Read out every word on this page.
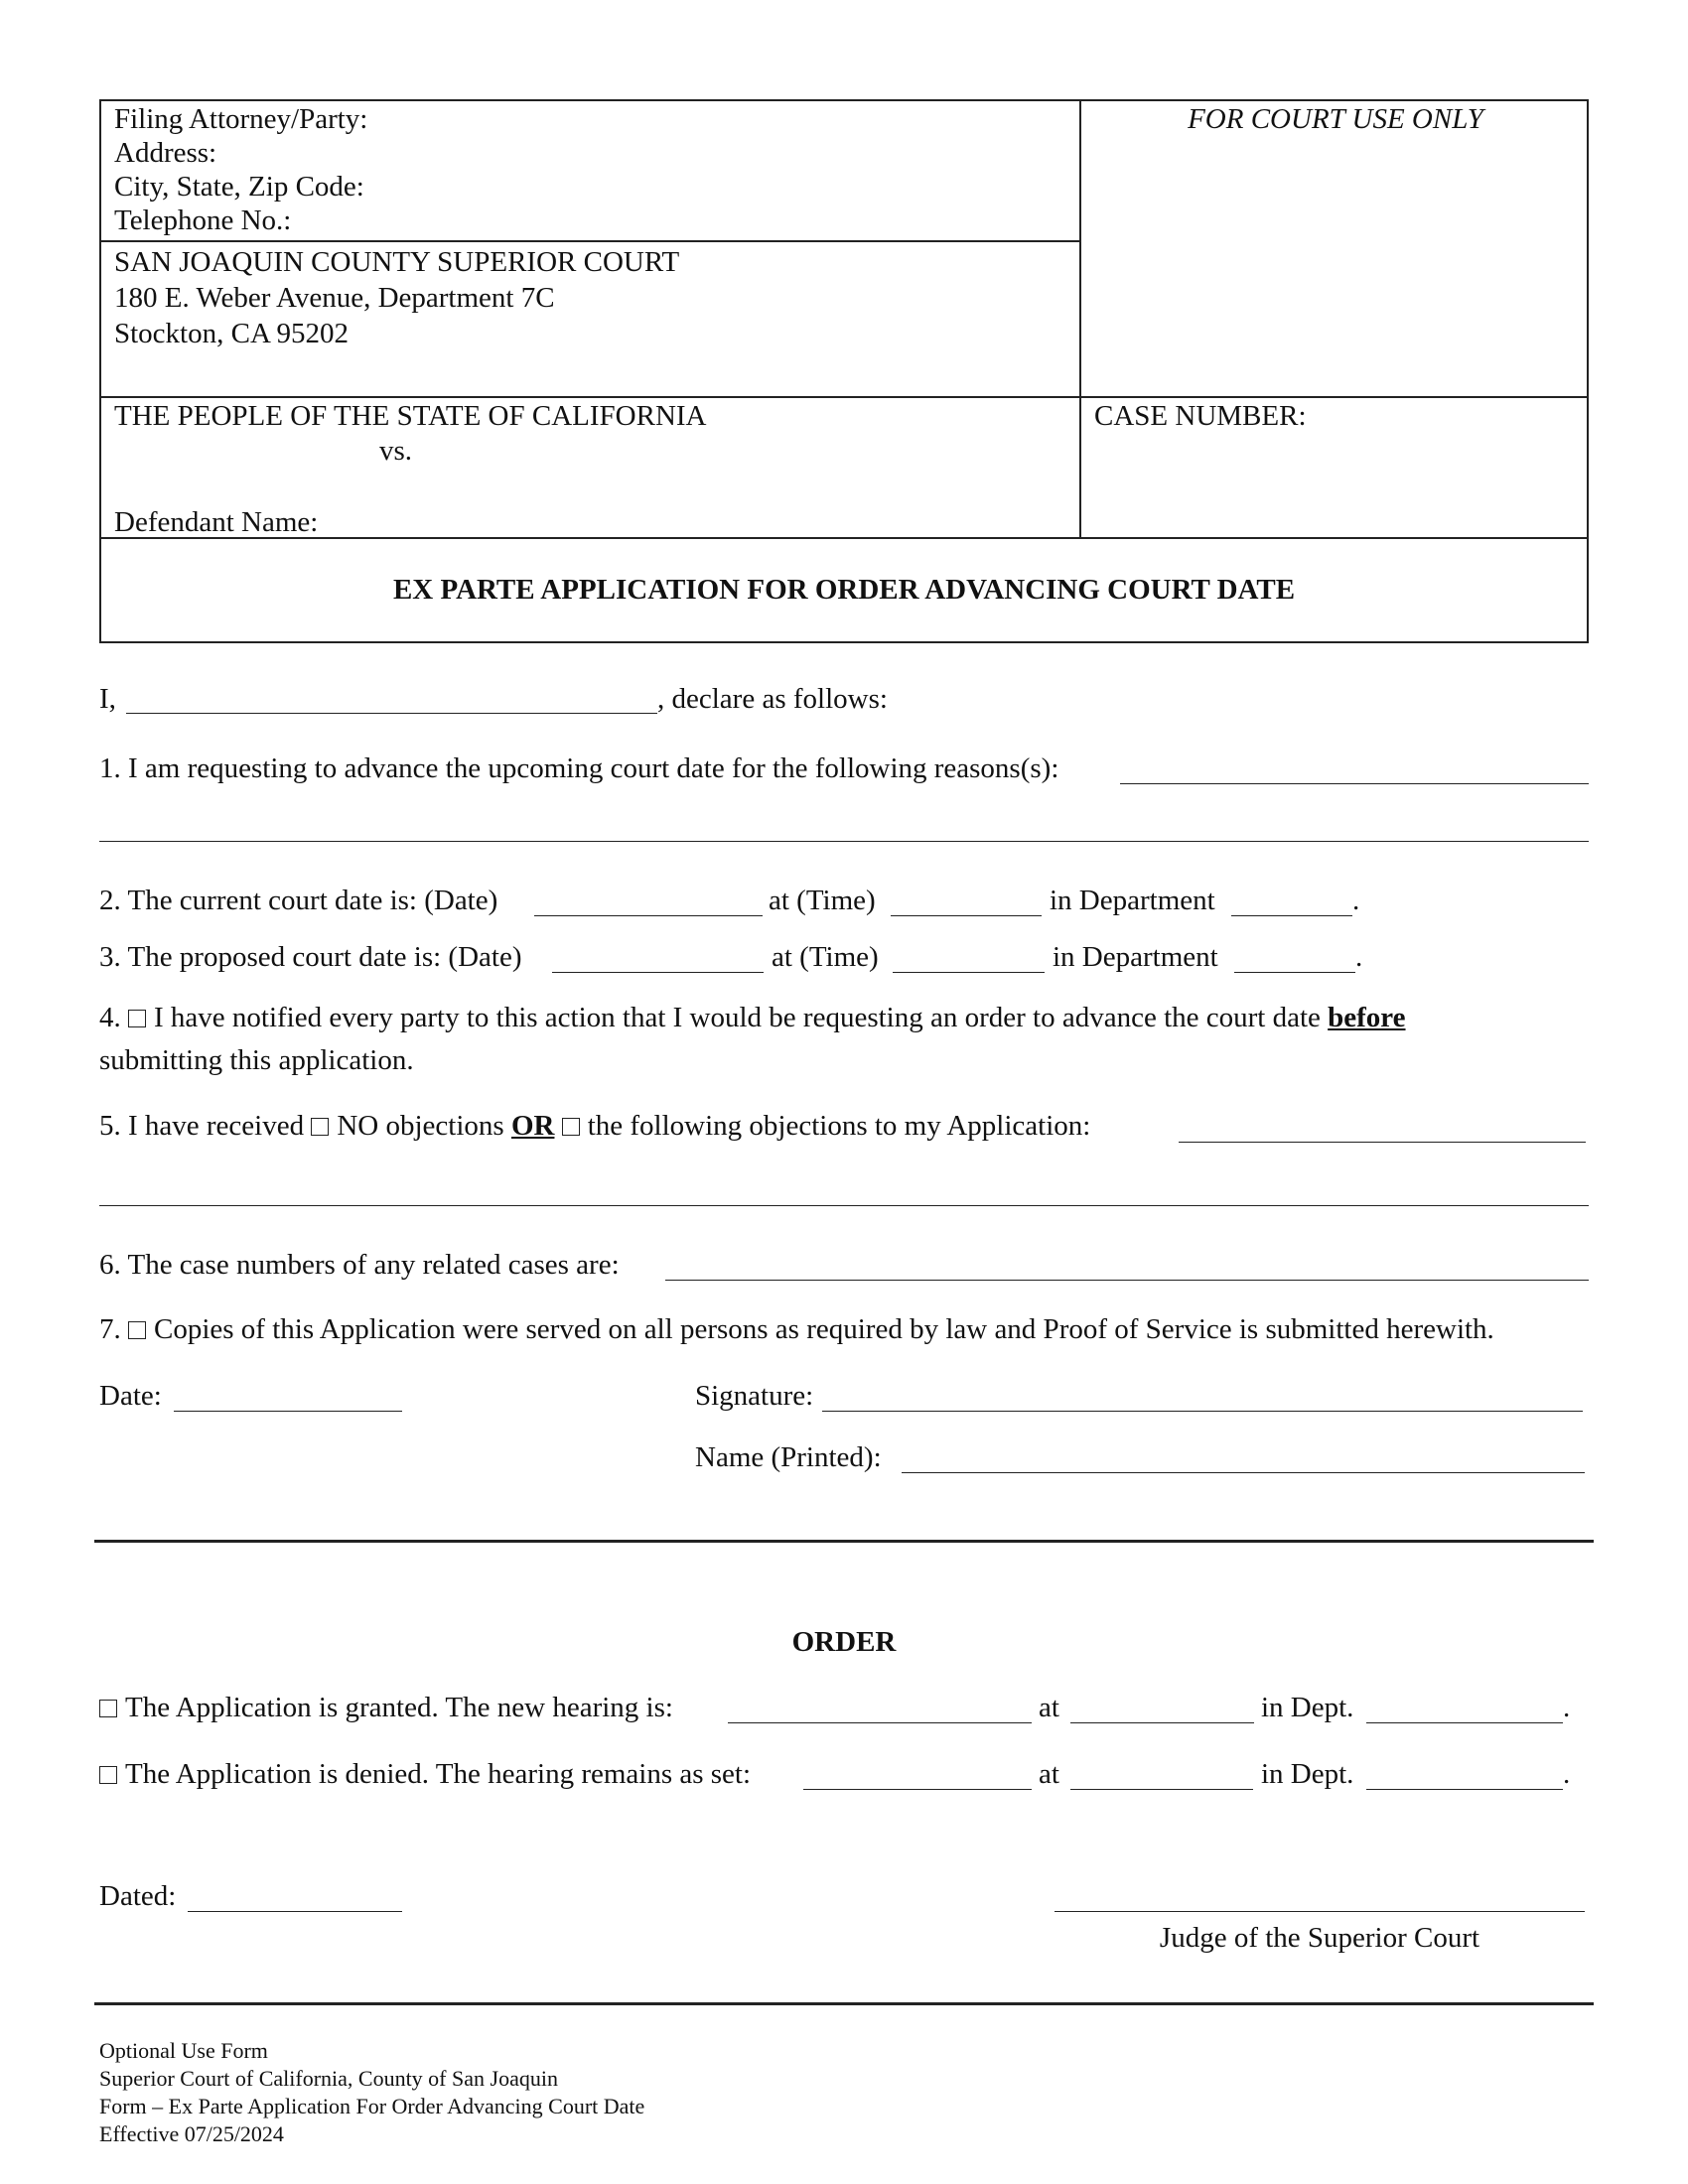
Filing Attorney/Party:
Address:
City, State, Zip Code:
Telephone No.:
SAN JOAQUIN COUNTY SUPERIOR COURT
180 E. Weber Avenue, Department 7C
Stockton, CA 95202
FOR COURT USE ONLY
THE PEOPLE OF THE STATE OF CALIFORNIA
vs.
Defendant Name:
CASE NUMBER:
EX PARTE APPLICATION FOR ORDER ADVANCING COURT DATE
I,	, declare as follows:
1. I am requesting to advance the upcoming court date for the following reasons(s):
2. The current court date is: (Date)	at (Time)	in Department	.
3. The proposed court date is: (Date)	at (Time)	in Department	.
4. I have notified every party to this action that I would be requesting an order to advance the court date before
submitting this application.
5. I have received NO objections OR the following objections to my Application:
6. The case numbers of any related cases are:
7. Copies of this Application were served on all persons as required by law and Proof of Service is submitted herewith.
Date:	Signature:
Name (Printed):
ORDER
The Application is granted. The new hearing is:	at	in Dept.	.
The Application is denied. The hearing remains as set:	at	in Dept.	.
Dated:
Judge of the Superior Court
Optional Use Form
Superior Court of California, County of San Joaquin
Form – Ex Parte Application For Order Advancing Court Date
Effective 07/25/2024
